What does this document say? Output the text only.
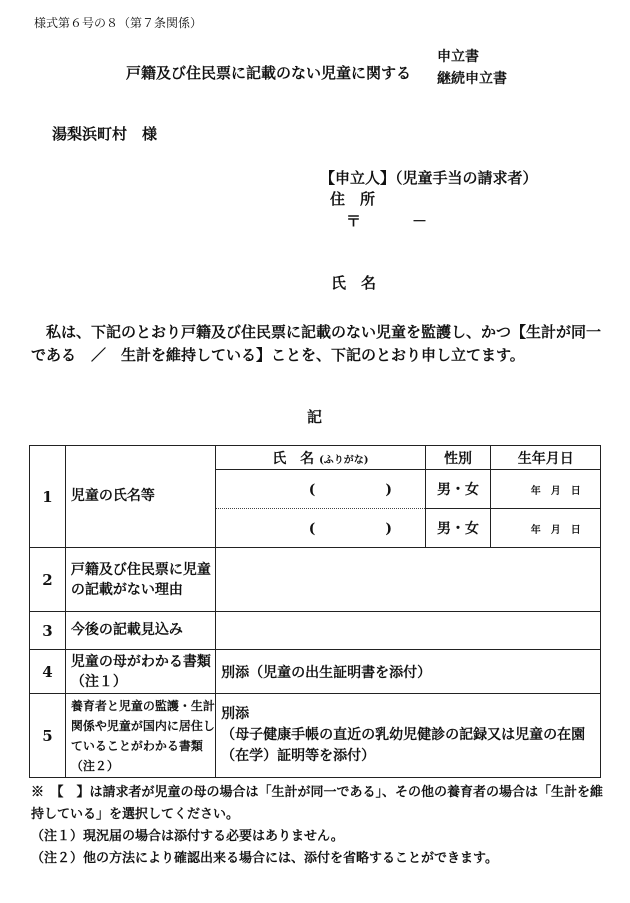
様式第６号の８（第７条関係）
戸籍及び住民票に記載のない児童に関する
申立書
継続申立書
湯梨浜町村　様
【申立人】（児童手当の請求者）
住　所
〒	－
氏　名
　私は、下記のとおり戸籍及び住民票に記載のない児童を監護し、かつ【生計が同一である　／　生計を維持している】ことを、下記のとおり申し立てます。
記
1	児童の氏名等	氏　名 (ふりがな)	性別	生年月日
		(　　　　　)	男・女	年　月　日
		(　　　　　)	男・女	年　月　日
2	戸籍及び住民票に児童の記載がない理由			
3	今後の記載見込み			
4	児童の母がわかる書類（注１）	別添（児童の出生証明書を添付）		
5	養育者と児童の監護・生計関係や児童が国内に居住していることがわかる書類（注２）	別添
（母子健康手帳の直近の乳幼児健診の記録又は児童の在園（在学）証明等を添付）		
※　【　】は請求者が児童の母の場合は「生計が同一である」、その他の養育者の場合は「生計を維持している」を選択してください。
（注１）現況届の場合は添付する必要はありません。
（注２）他の方法により確認出来る場合には、添付を省略することができます。
